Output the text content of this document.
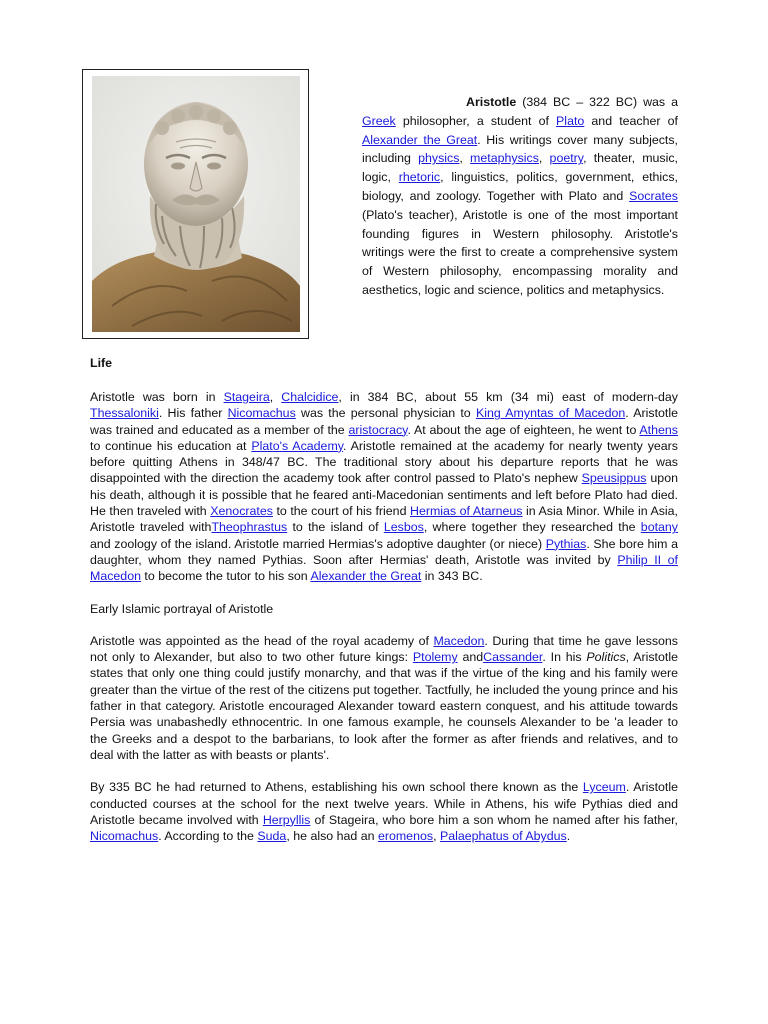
Aristotle (384 BC – 322 BC) was a Greek philosopher, a student of Plato and teacher of Alexander the Great. His writings cover many subjects, including physics, metaphysics, poetry, theater, music, logic, rhetoric, linguistics, politics, government, ethics, biology, and zoology. Together with Plato and Socrates (Plato's teacher), Aristotle is one of the most important founding figures in Western philosophy. Aristotle's writings were the first to create a comprehensive system of Western philosophy, encompassing morality and aesthetics, logic and science, politics and metaphysics.

Life

Aristotle was born in Stageira, Chalcidice, in 384 BC, about 55 km (34 mi) east of modern-day Thessaloniki. His father Nicomachus was the personal physician to King Amyntas of Macedon. Aristotle was trained and educated as a member of the aristocracy. At about the age of eighteen, he went to Athens to continue his education at Plato's Academy. Aristotle remained at the academy for nearly twenty years before quitting Athens in 348/47 BC. The traditional story about his departure reports that he was disappointed with the direction the academy took after control passed to Plato's nephew Speusippus upon his death, although it is possible that he feared anti-Macedonian sentiments and left before Plato had died. He then traveled with Xenocrates to the court of his friend Hermias of Atarneus in Asia Minor. While in Asia, Aristotle traveled withTheophrastus to the island of Lesbos, where together they researched the botany and zoology of the island. Aristotle married Hermias's adoptive daughter (or niece) Pythias. She bore him a daughter, whom they named Pythias. Soon after Hermias' death, Aristotle was invited by Philip II of Macedon to become the tutor to his son Alexander the Great in 343 BC.

Early Islamic portrayal of Aristotle

Aristotle was appointed as the head of the royal academy of Macedon. During that time he gave lessons not only to Alexander, but also to two other future kings: Ptolemy andCassander. In his Politics, Aristotle states that only one thing could justify monarchy, and that was if the virtue of the king and his family were greater than the virtue of the rest of the citizens put together. Tactfully, he included the young prince and his father in that category. Aristotle encouraged Alexander toward eastern conquest, and his attitude towards Persia was unabashedly ethnocentric. In one famous example, he counsels Alexander to be 'a leader to the Greeks and a despot to the barbarians, to look after the former as after friends and relatives, and to deal with the latter as with beasts or plants'.

By 335 BC he had returned to Athens, establishing his own school there known as the Lyceum. Aristotle conducted courses at the school for the next twelve years. While in Athens, his wife Pythias died and Aristotle became involved with Herpyllis of Stageira, who bore him a son whom he named after his father, Nicomachus. According to the Suda, he also had an eromenos, Palaephatus of Abydus.
